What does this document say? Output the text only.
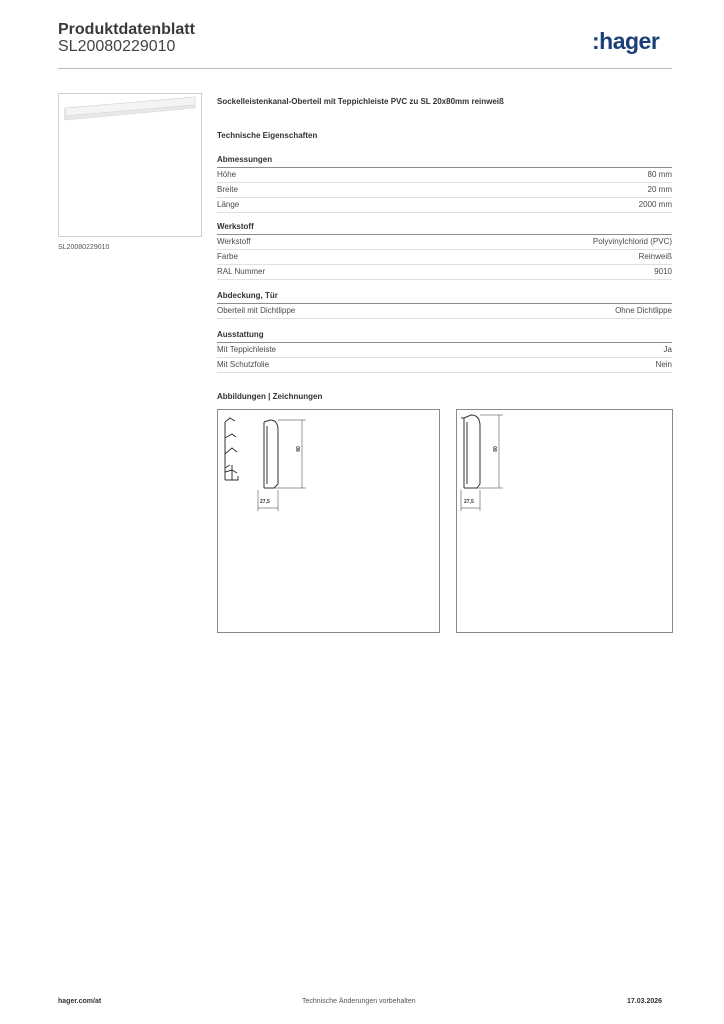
Produktdatenblatt
SL20080229010	:hager
SL20080229010
Sockelleistenkanal-Oberteil mit Teppichleiste PVC zu SL 20x80mm reinweiß
Technische Eigenschaften
Abmessungen
Höhe	80 mm
Breite	20 mm
Länge	2000 mm
Werkstoff
Werkstoff	Polyvinylchlorid (PVC)
Farbe	Reinweiß
RAL Nummer	9010
Abdeckung, Tür
Oberteil mit Dichtlippe	Ohne Dichtlippe
Ausstattung
Mit Teppichleiste	Ja
Mit Schutzfolie	Nein
Abbildungen | Zeichnungen
80
27,5
80
27,5
hager.com/at	Technische Änderungen vorbehalten	17.03.2026
